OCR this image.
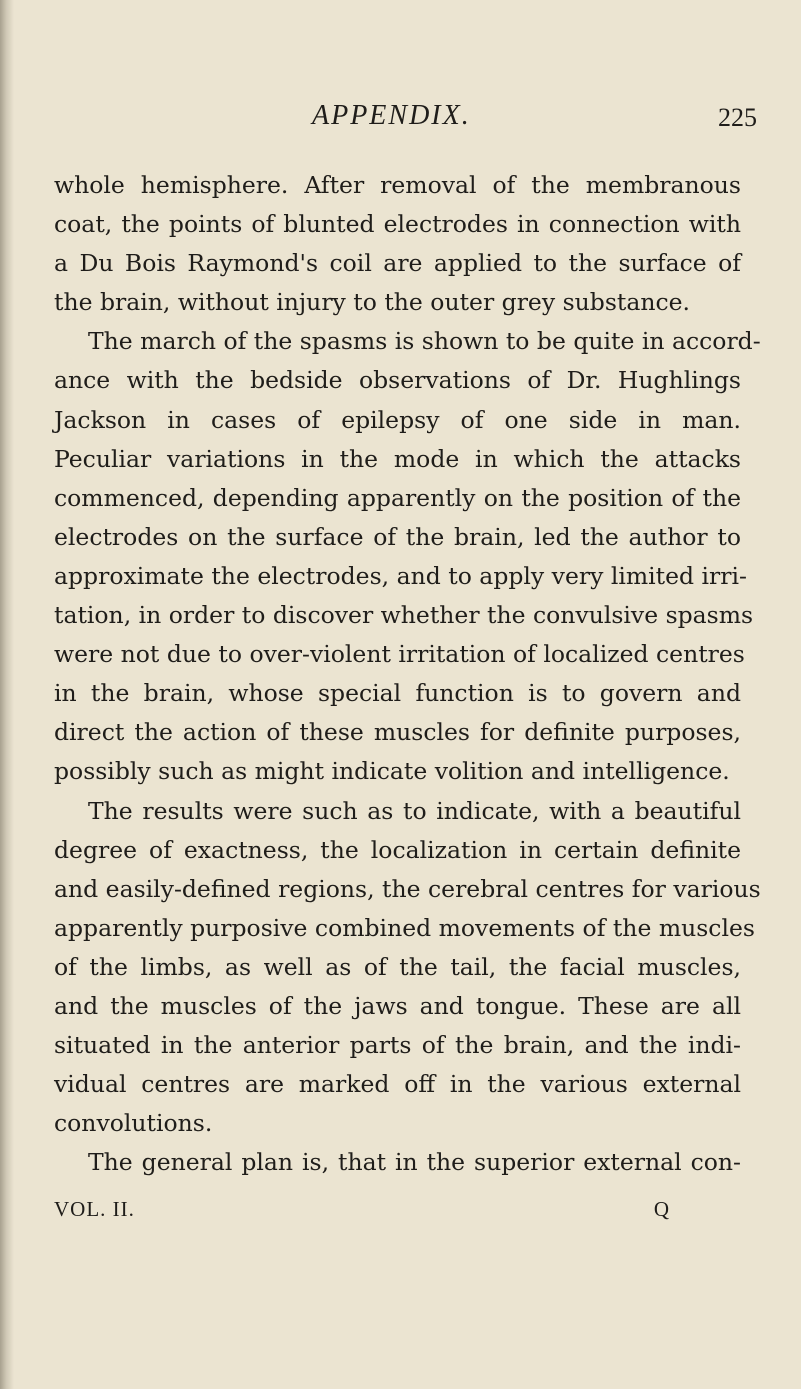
APPENDIX.	225
whole hemisphere. After removal of the membranous
coat, the points of blunted electrodes in connection with
a Du Bois Raymond's coil are applied to the surface of
the brain, without injury to the outer grey substance.
The march of the spasms is shown to be quite in accord-
ance with the bedside observations of Dr. Hughlings
Jackson in cases of epilepsy of one side in man.
Peculiar variations in the mode in which the attacks
commenced, depending apparently on the position of the
electrodes on the surface of the brain, led the author to
approximate the electrodes, and to apply very limited irri-
tation, in order to discover whether the convulsive spasms
were not due to over-violent irritation of localized centres
in the brain, whose special function is to govern and
direct the action of these muscles for definite purposes,
possibly such as might indicate volition and intelligence.
The results were such as to indicate, with a beautiful
degree of exactness, the localization in certain definite
and easily-defined regions, the cerebral centres for various
apparently purposive combined movements of the muscles
of the limbs, as well as of the tail, the facial muscles,
and the muscles of the jaws and tongue. These are all
situated in the anterior parts of the brain, and the indi-
vidual centres are marked off in the various external
convolutions.
The general plan is, that in the superior external con-
VOL. II.	Q
